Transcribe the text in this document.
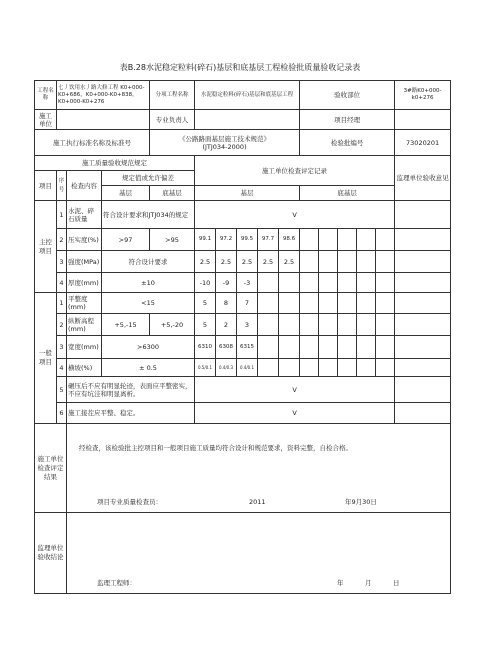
表B.28水泥稳定粒料(碎石)基层和底基层工程检验批质量验收记录表
工程名称	七丿饮用水丿路大修工程 K0+000-K0+686，K0+000-K0+838，K0+000-K0+276			分项工程名称	水泥稳定粒料(碎石)基层和底基层工程					验收部位					3#路K0+000-k0+276
施工单位				专业负责人						项目经理					
施工执行标准名称及标准号				《公路路面基层施工技术规范》
(JTJ034-2000)						检验批编号					73020201
施工质量验收规范规定					施工单位检查评定记录										监理单位验收意见
项目	序号	检查内容	规定值或允许偏差												
			基层	底基层	基层					底基层					
主控项目	1	水泥、碎石质量	符合设计要求和JTJ034的规定		V										
	2	压实度(%)	>97	>95	99.1	97.2	99.5	97.7	98.6						
	3	强度(MPa)	符合设计要求		2.5	2.5	2.5	2.5	2.5						
	4	厚度(mm)	±10		-10	-9	-3								
一般项目	1	平整度(mm)	<15		5	8	7								
	2	纵断高程(mm)	+5,-15	+5,-20	5	2	3								
	3	宽度(mm)	>6300		6310	6308	6315								
	4	横坡(%)	± 0.5		0.5/0.1	0.4/0.3	0.4/0.1								
	5	碾压后不应有明显轮迹，表面应平整密实，不应有坑洼和明显离析。			V										
	6	施工接茬应平整、稳定。			V										
施工单位检查评定结果		经检查，该检验批主控项目和一般项目施工质量均符合设计和规范要求，资料完整，自检合格。
项目专业质量检查员： 2011 年9月30日													

监理单位验收结论		监理工程师： 年 月 日													
